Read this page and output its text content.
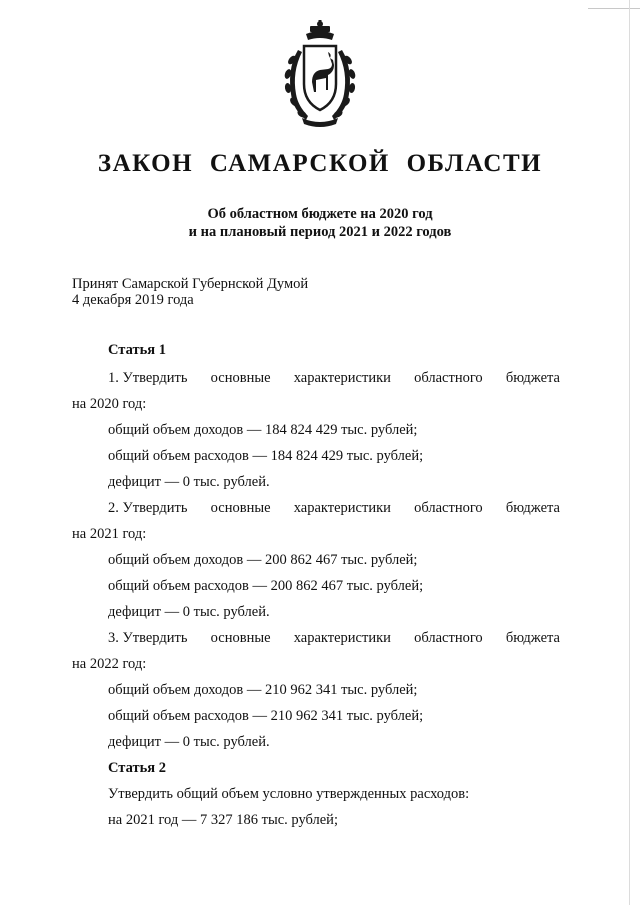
ЗАКОН САМАРСКОЙ ОБЛАСТИ
Об областном бюджете на 2020 год
и на плановый период 2021 и 2022 годов
Принят Самарской Губернской Думой
4 декабря 2019 года
Статья 1
1. Утвердить основные характеристики областного бюджета
на 2020 год:
общий объем доходов — 184 824 429 тыс. рублей;
общий объем расходов — 184 824 429 тыс. рублей;
дефицит — 0 тыс. рублей.
2. Утвердить основные характеристики областного бюджета
на 2021 год:
общий объем доходов — 200 862 467 тыс. рублей;
общий объем расходов — 200 862 467 тыс. рублей;
дефицит — 0 тыс. рублей.
3. Утвердить основные характеристики областного бюджета
на 2022 год:
общий объем доходов — 210 962 341 тыс. рублей;
общий объем расходов — 210 962 341 тыс. рублей;
дефицит — 0 тыс. рублей.
Статья 2
Утвердить общий объем условно утвержденных расходов:
на 2021 год — 7 327 186 тыс. рублей;
